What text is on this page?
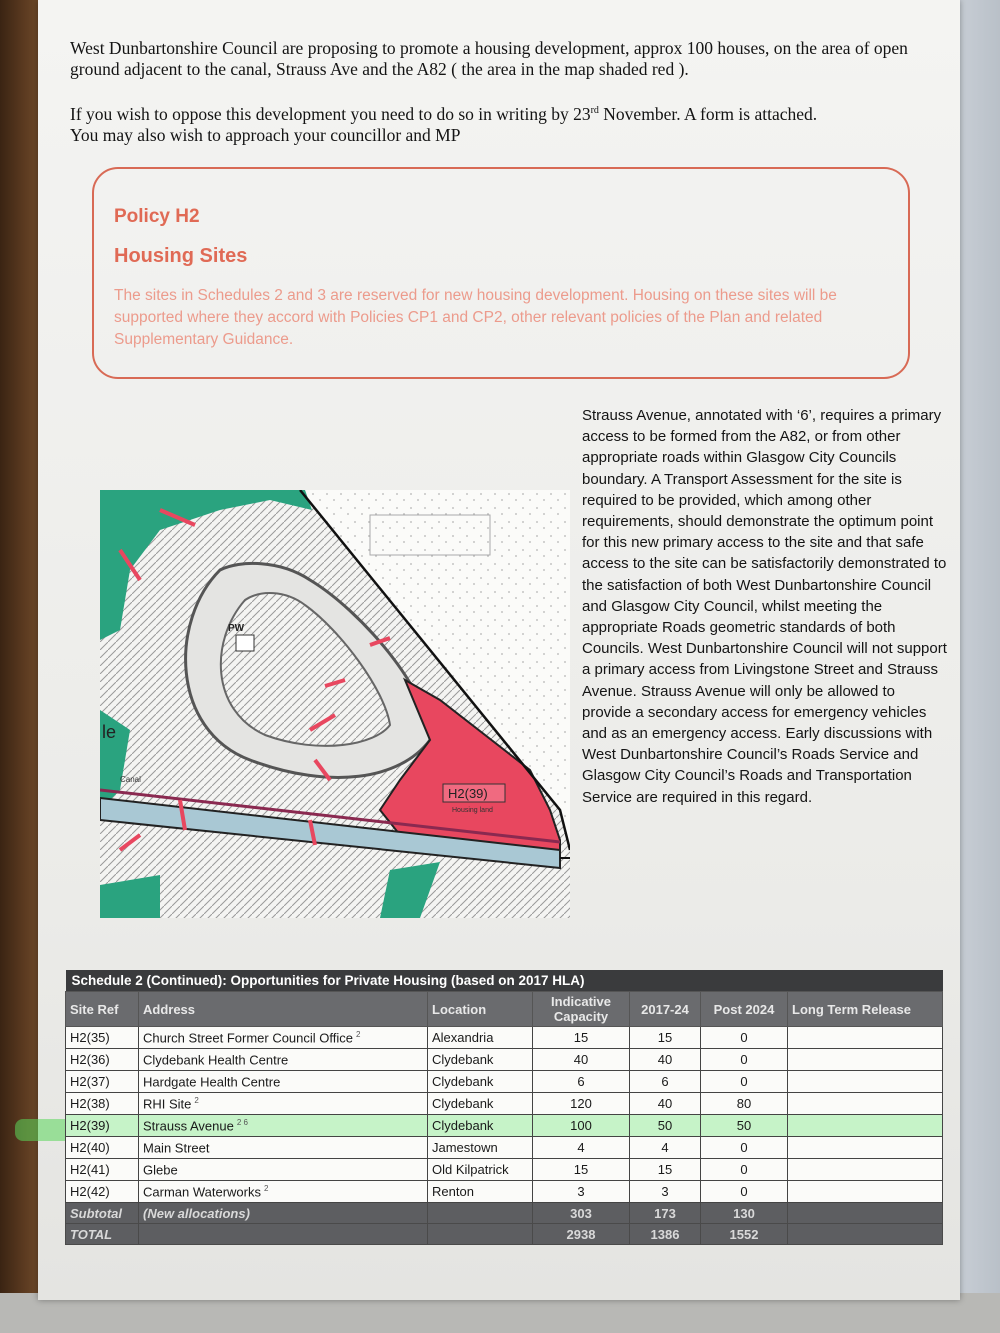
West Dunbartonshire Council are proposing to promote a housing development, approx 100 houses, on the area of open ground adjacent to the canal, Strauss Ave and the A82 ( the area in the map shaded red ).

If you wish to oppose this development you need to do so in writing by 23rd November. A form is attached.

You may also wish to approach your councillor and MP

Policy H2
Housing Sites
The sites in Schedules 2 and 3 are reserved for new housing development. Housing on these sites will be supported where they accord with Policies CP1 and CP2, other relevant policies of the Plan and related Supplementary Guidance.
PW
H2(39)
Housing land
Canal
le
Strauss Avenue, annotated with ‘6’, requires a primary access to be formed from the A82, or from other appropriate roads within Glasgow City Councils boundary. A Transport Assessment for the site is required to be provided, which among other requirements, should demonstrate the optimum point for this new primary access to the site and that safe access to the site can be satisfactorily demonstrated to the satisfaction of both West Dunbartonshire Council and Glasgow City Council, whilst meeting the appropriate Roads geometric standards of both Councils. West Dunbartonshire Council will not support a primary access from Livingstone Street and Strauss Avenue. Strauss Avenue will only be allowed to provide a secondary access for emergency vehicles and as an emergency access. Early discussions with West Dunbartonshire Council’s Roads Service and Glasgow City Council’s Roads and Transportation Service are required in this regard.
Schedule 2 (Continued): Opportunities for Private Housing (based on 2017 HLA)						
Site Ref	Address	Location	Indicative Capacity	2017-24	Post 2024	Long Term Release
H2(35)	Church Street Former Council Office $^2$	Alexandria	15	15	0	
H2(36)	Clydebank Health Centre	Clydebank	40	40	0	
H2(37)	Hardgate Health Centre	Clydebank	6	6	0	
H2(38)	RHI Site $^2$	Clydebank	120	40	80	
H2(39)	Strauss Avenue $^{2 6}$	Clydebank	100	50	50	
H2(40)	Main Street	Jamestown	4	4	0	
H2(41)	Glebe	Old Kilpatrick	15	15	0	
H2(42)	Carman Waterworks $^2$	Renton	3	3	0	
Subtotal	(New allocations)		303	173	130	
TOTAL			2938	1386	1552	
